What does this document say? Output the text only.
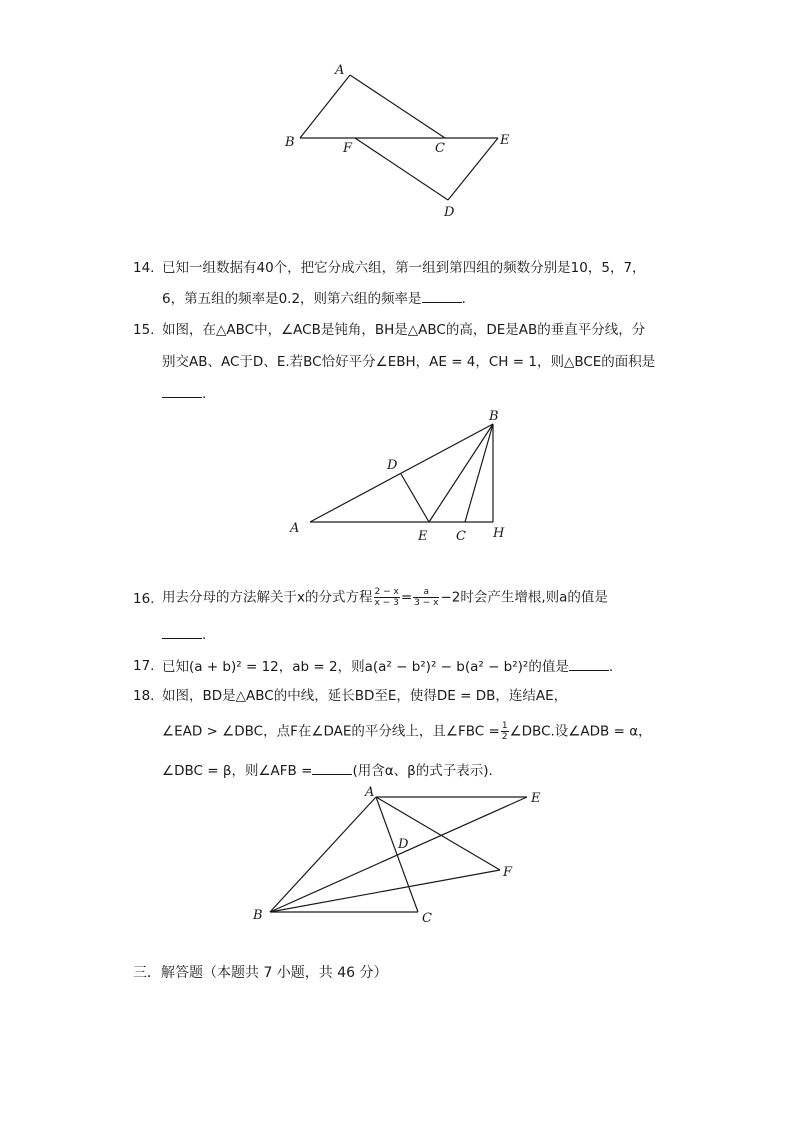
A
B	F	C
E
D
14. 已知一组数据有40个，把它分成六组，第一组到第四组的频数分别是10，5，7，
6，第五组的频率是0.2，则第六组的频率是	.
15. 如图，在△ABC中，∠ACB是钝角，BH是△ABC的高，DE是AB的垂直平分线，分
别交AB、AC于D、E.若BC恰好平分∠EBH，AE = 4，CH = 1，则△BCE的面积是
.
B
D
A
E C H
16. 用去分母的方法解关于x的分式方程 $\frac{2 - x}{x - 3} = \frac{a}{3 - x} -2$时会产生增根,则a的值是
.
17. 已知(a + b)² = 12，ab = 2，则a(a² − b²)² − b(a² − b²)²的值是	.
18. 如图，BD是△ABC的中线，延长BD至E，使得DE = DB，连结AE，
∠EAD > ∠DBC，点F在∠DAE的平分线上，且∠FBC = $\frac{1}{2}$ ∠DBC.设∠ADB = α，
∠DBC = β，则∠AFB =	(用含α、β的式子表示).
A	E
D
F
B	C
三．解答题（本题共 7 小题，共 46 分）
